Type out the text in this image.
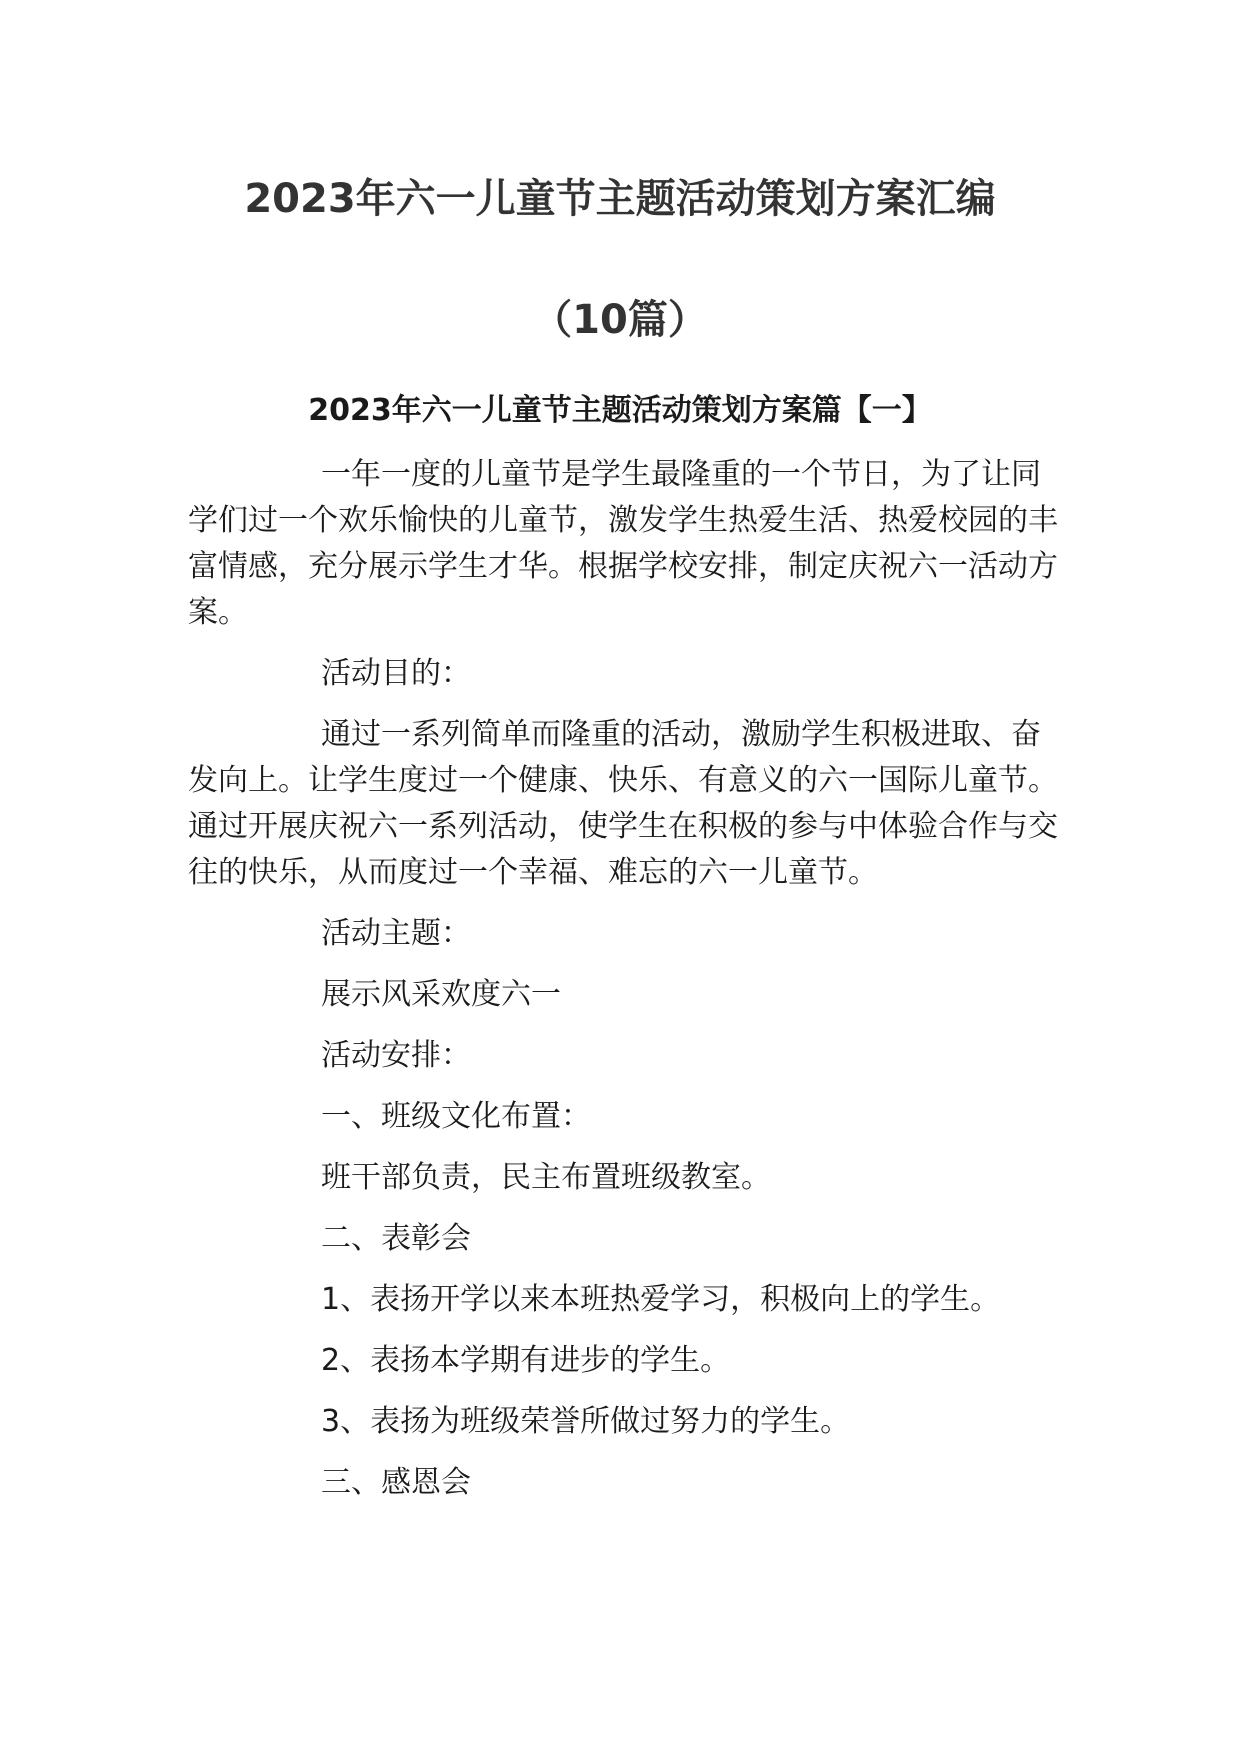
2023年六一儿童节主题活动策划方案汇编
（10篇）
2023年六一儿童节主题活动策划方案篇【一】

一年一度的儿童节是学生最隆重的一个节日，为了让同学们过一个欢乐愉快的儿童节，激发学生热爱生活、热爱校园的丰富情感，充分展示学生才华。根据学校安排，制定庆祝六一活动方案。

活动目的：

通过一系列简单而隆重的活动，激励学生积极进取、奋发向上。让学生度过一个健康、快乐、有意义的六一国际儿童节。通过开展庆祝六一系列活动，使学生在积极的参与中体验合作与交往的快乐，从而度过一个幸福、难忘的六一儿童节。

活动主题：

展示风采欢度六一

活动安排：

一、班级文化布置：

班干部负责，民主布置班级教室。

二、表彰会

1、表扬开学以来本班热爱学习，积极向上的学生。

2、表扬本学期有进步的学生。

3、表扬为班级荣誉所做过努力的学生。

三、感恩会
